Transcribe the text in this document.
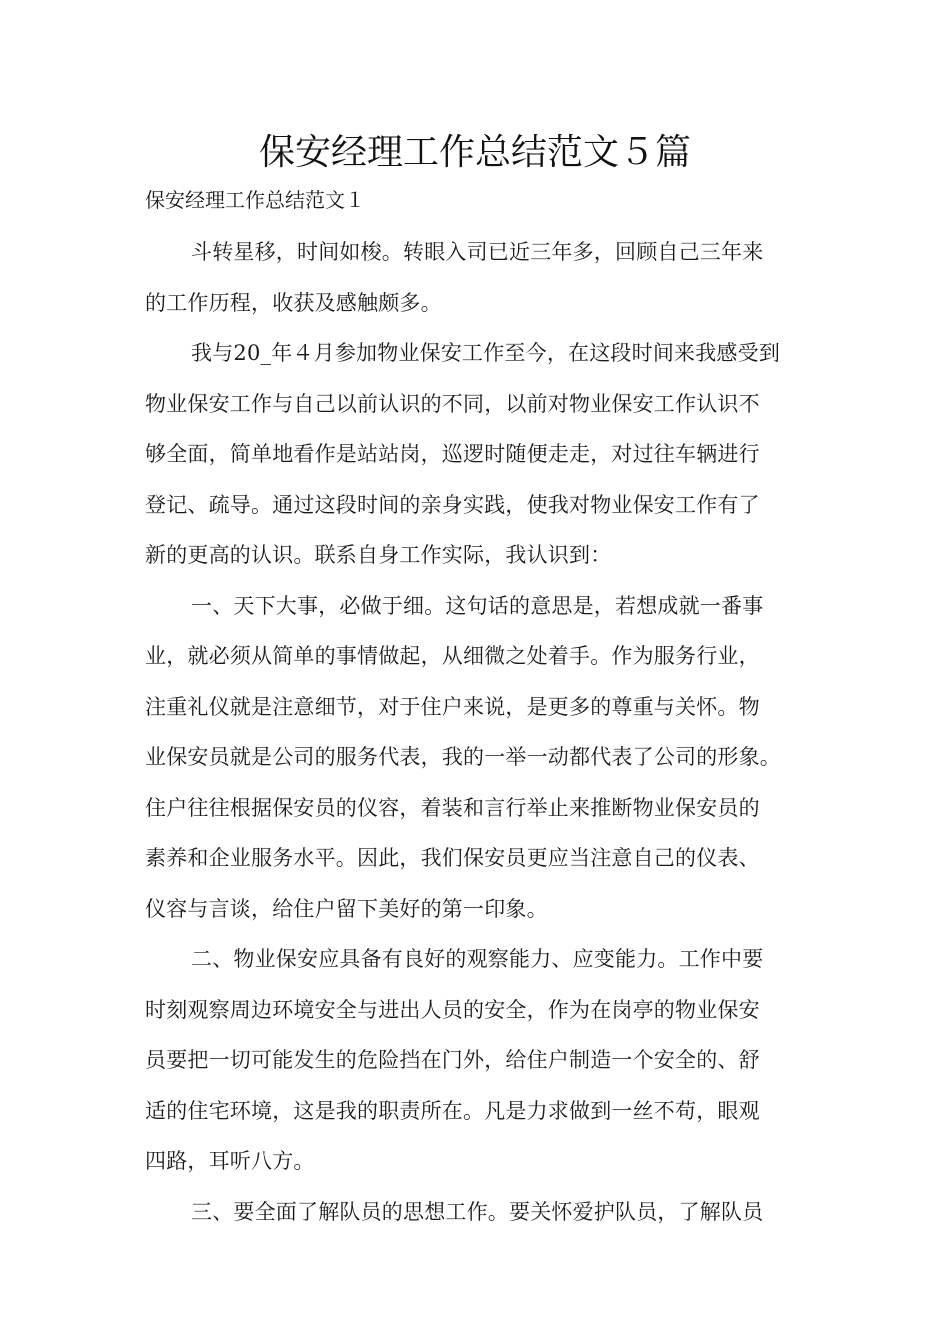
保安经理工作总结范文５篇

保安经理工作总结范文１

斗转星移，时间如梭。转眼入司已近三年多，回顾自己三年来
的工作历程，收获及感触颇多。

我与20_年４月参加物业保安工作至今，在这段时间来我感受到
物业保安工作与自己以前认识的不同，以前对物业保安工作认识不
够全面，简单地看作是站站岗，巡逻时随便走走，对过往车辆进行
登记、疏导。通过这段时间的亲身实践，使我对物业保安工作有了
新的更高的认识。联系自身工作实际，我认识到：

一、天下大事，必做于细。这句话的意思是，若想成就一番事
业，就必须从简单的事情做起，从细微之处着手。作为服务行业，
注重礼仪就是注意细节，对于住户来说，是更多的尊重与关怀。物
业保安员就是公司的服务代表，我的一举一动都代表了公司的形象。
住户往往根据保安员的仪容，着装和言行举止来推断物业保安员的
素养和企业服务水平。因此，我们保安员更应当注意自己的仪表、
仪容与言谈，给住户留下美好的第一印象。

二、物业保安应具备有良好的观察能力、应变能力。工作中要
时刻观察周边环境安全与进出人员的安全，作为在岗亭的物业保安
员要把一切可能发生的危险挡在门外，给住户制造一个安全的、舒
适的住宅环境，这是我的职责所在。凡是力求做到一丝不苟，眼观
四路，耳听八方。

三、要全面了解队员的思想工作。要关怀爱护队员，了解队员
